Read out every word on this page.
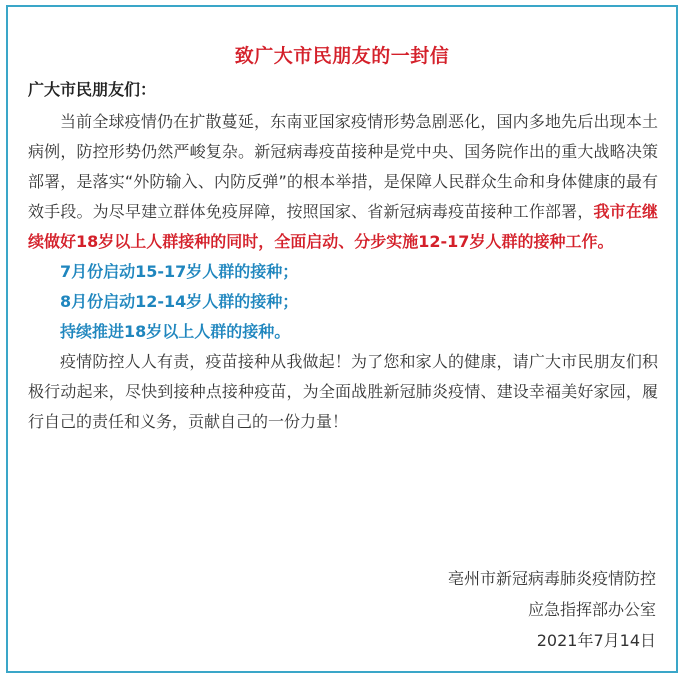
致广大市民朋友的一封信
广大市民朋友们：

当前全球疫情仍在扩散蔓延，东南亚国家疫情形势急剧恶化，国内多地先后出现本土病例，防控形势仍然严峻复杂。新冠病毒疫苗接种是党中央、国务院作出的重大战略决策部署，是落实“外防输入、内防反弹”的根本举措，是保障人民群众生命和身体健康的最有效手段。为尽早建立群体免疫屏障，按照国家、省新冠病毒疫苗接种工作部署，我市在继续做好18岁以上人群接种的同时，全面启动、分步实施12-17岁人群的接种工作。

7月份启动15-17岁人群的接种；

8月份启动12-14岁人群的接种；

持续推进18岁以上人群的接种。

疫情防控人人有责，疫苗接种从我做起！为了您和家人的健康，请广大市民朋友们积极行动起来，尽快到接种点接种疫苗，为全面战胜新冠肺炎疫情、建设幸福美好家园，履行自己的责任和义务，贡献自己的一份力量！

亳州市新冠病毒肺炎疫情防控
应急指挥部办公室
2021年7月14日
